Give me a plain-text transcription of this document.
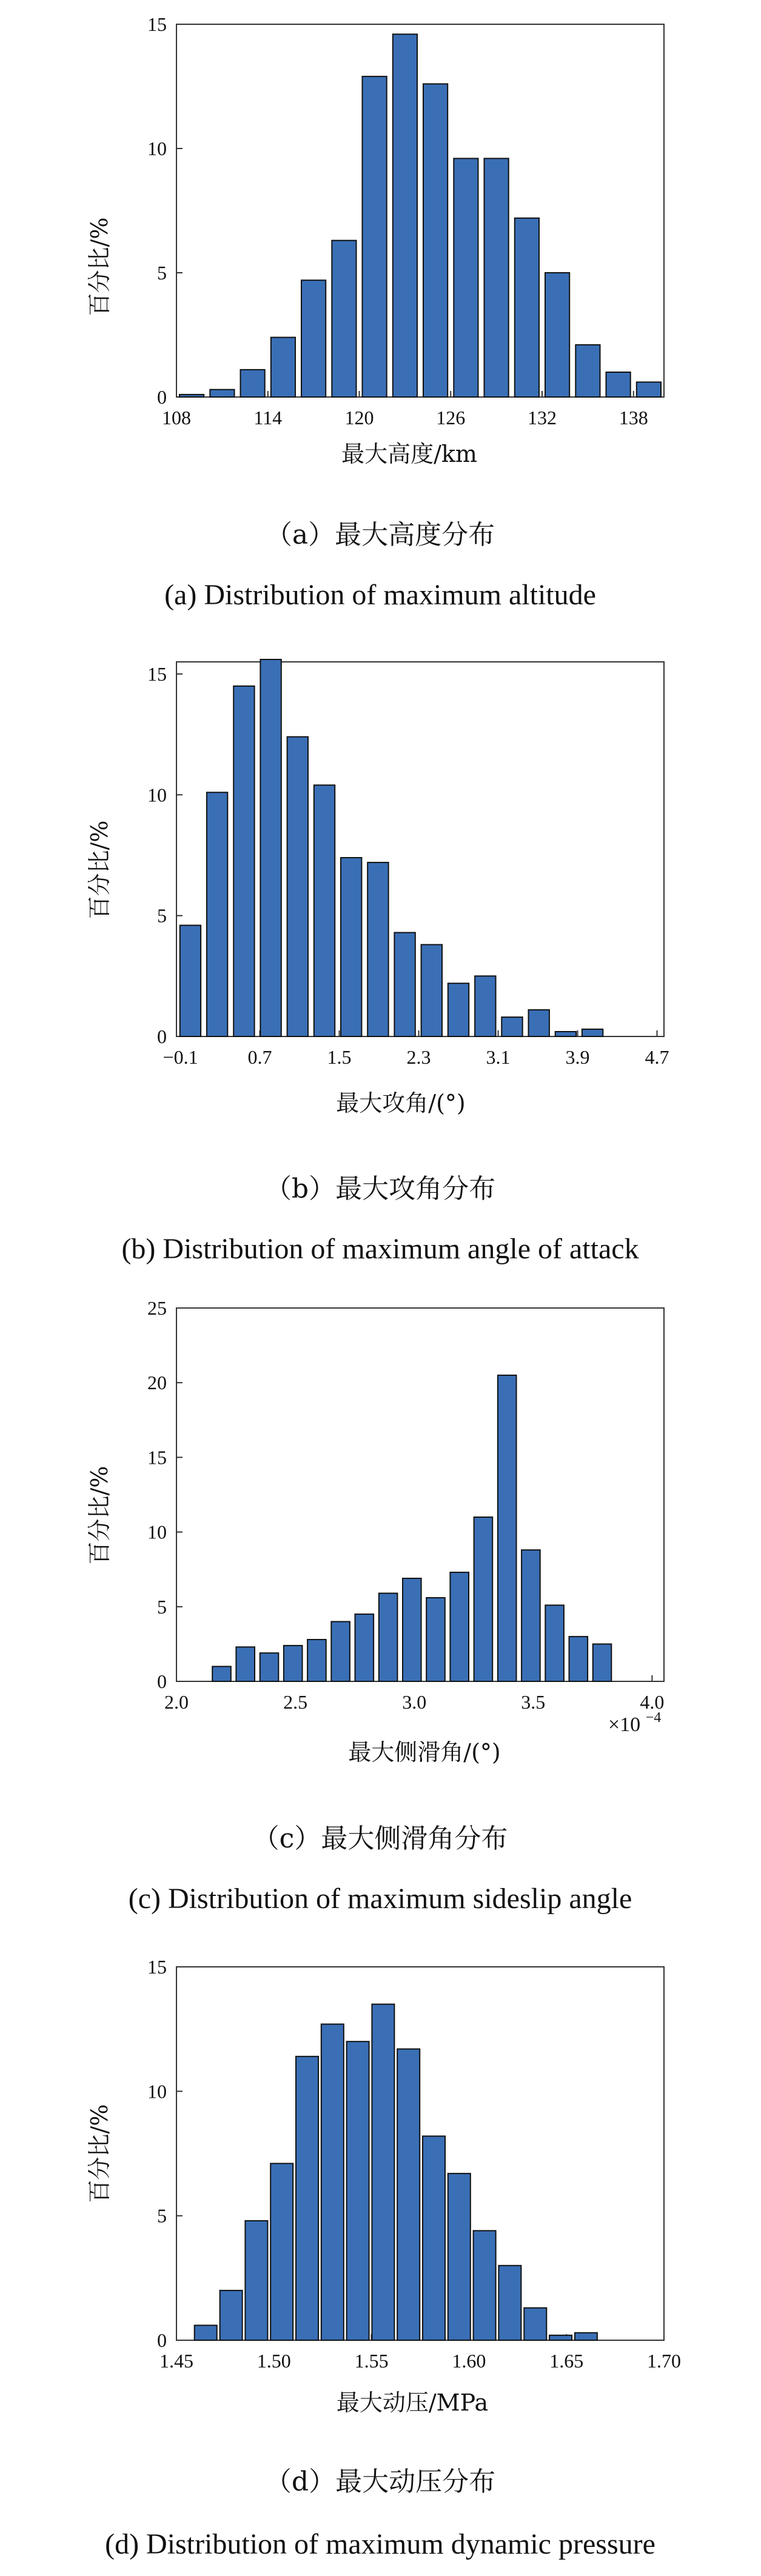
0
5
10
15
108	114	120	126	132	138
百分比/%
最大高度/km
（a）最大高度分布
(a) Distribution of maximum altitude
0
5
10
15
−0.1	0.7	1.5	2.3	3.1	3.9	4.7
百分比/%
最大攻角/(°)
（b）最大攻角分布
(b) Distribution of maximum angle of attack
0
5
10
15
20
25
2.0	2.5	3.0	3.5	4.0
百分比/%
最大侧滑角/(°)
×10 $^{-4}$
（c）最大侧滑角分布
(c) Distribution of maximum sideslip angle
0
5
10
15
1.45	1.50	1.55	1.60	1.65	1.70
百分比/%
最大动压/MPa
（d）最大动压分布
(d) Distribution of maximum dynamic pressure
